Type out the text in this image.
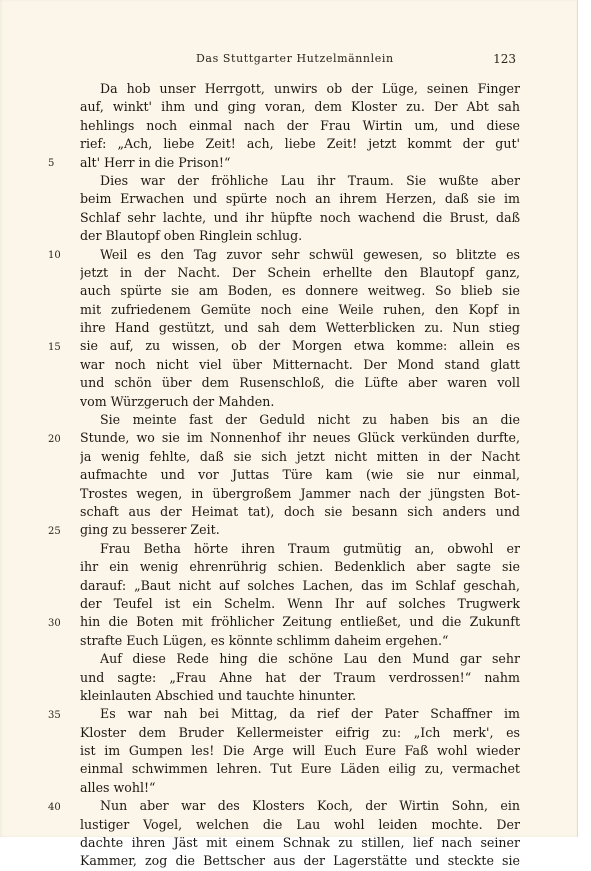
Das Stuttgarter Hutzelmännlein	123
5
10
15
20
25
30
35
40
Da hob unser Herrgott, unwirs ob der Lüge, seinen Finger
auf, winkt' ihm und ging voran, dem Kloster zu. Der Abt sah
hehlings noch einmal nach der Frau Wirtin um, und diese
rief: „Ach, liebe Zeit! ach, liebe Zeit! jetzt kommt der gut'
alt' Herr in die Prison!“
Dies war der fröhliche Lau ihr Traum. Sie wußte aber
beim Erwachen und spürte noch an ihrem Herzen, daß sie im
Schlaf sehr lachte, und ihr hüpfte noch wachend die Brust, daß
der Blautopf oben Ringlein schlug.
Weil es den Tag zuvor sehr schwül gewesen, so blitzte es
jetzt in der Nacht. Der Schein erhellte den Blautopf ganz,
auch spürte sie am Boden, es donnere weitweg. So blieb sie
mit zufriedenem Gemüte noch eine Weile ruhen, den Kopf in
ihre Hand gestützt, und sah dem Wetterblicken zu. Nun stieg
sie auf, zu wissen, ob der Morgen etwa komme: allein es
war noch nicht viel über Mitternacht. Der Mond stand glatt
und schön über dem Rusenschloß, die Lüfte aber waren voll
vom Würzgeruch der Mahden.
Sie meinte fast der Geduld nicht zu haben bis an die
Stunde, wo sie im Nonnenhof ihr neues Glück verkünden durfte,
ja wenig fehlte, daß sie sich jetzt nicht mitten in der Nacht
aufmachte und vor Juttas Türe kam (wie sie nur einmal,
Trostes wegen, in übergroßem Jammer nach der jüngsten Bot-
schaft aus der Heimat tat), doch sie besann sich anders und
ging zu besserer Zeit.
Frau Betha hörte ihren Traum gutmütig an, obwohl er
ihr ein wenig ehrenrührig schien. Bedenklich aber sagte sie
darauf: „Baut nicht auf solches Lachen, das im Schlaf geschah,
der Teufel ist ein Schelm. Wenn Ihr auf solches Trugwerk
hin die Boten mit fröhlicher Zeitung entließet, und die Zukunft
strafte Euch Lügen, es könnte schlimm daheim ergehen.“
Auf diese Rede hing die schöne Lau den Mund gar sehr
und sagte: „Frau Ahne hat der Traum verdrossen!“ nahm
kleinlauten Abschied und tauchte hinunter.
Es war nah bei Mittag, da rief der Pater Schaffner im
Kloster dem Bruder Kellermeister eifrig zu: „Ich merk', es
ist im Gumpen les! Die Arge will Euch Eure Faß wohl wieder
einmal schwimmen lehren. Tut Eure Läden eilig zu, vermachet
alles wohl!“
Nun aber war des Klosters Koch, der Wirtin Sohn, ein
lustiger Vogel, welchen die Lau wohl leiden mochte. Der
dachte ihren Jäst mit einem Schnak zu stillen, lief nach seiner
Kammer, zog die Bettscher aus der Lagerstätte und steckte sie
